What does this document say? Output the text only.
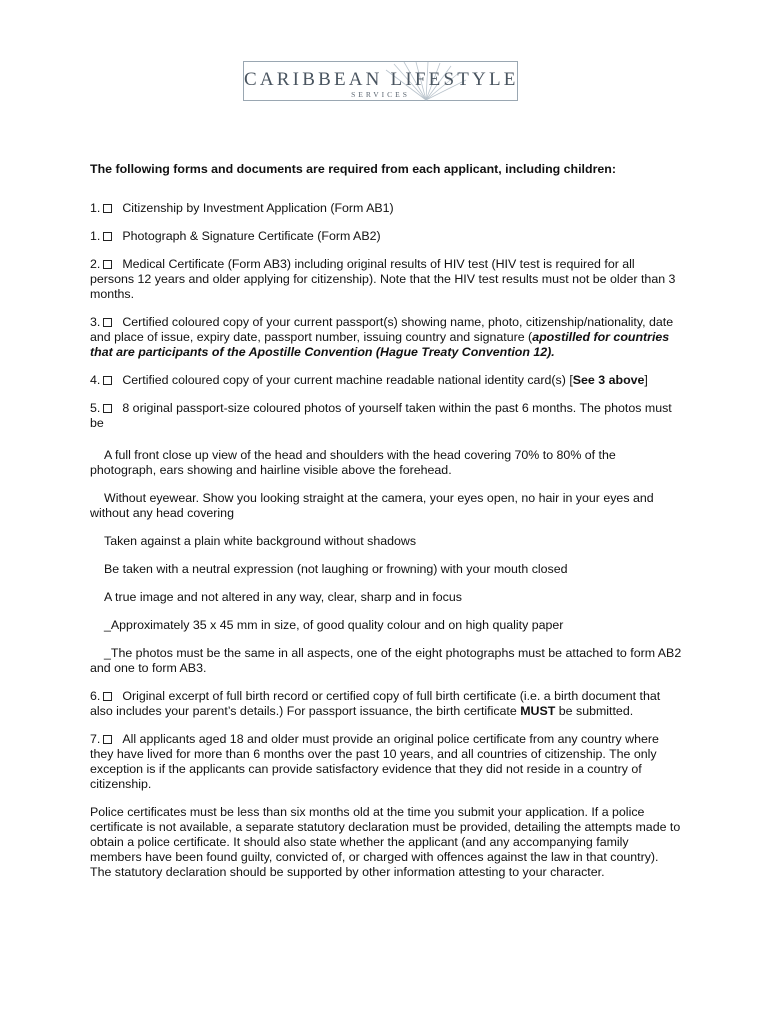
CARIBBEAN LIFESTYLE
SERVICES

The following forms and documents are required from each applicant, including children:

1. Citizenship by Investment Application (Form AB1)

1. Photograph & Signature Certificate (Form AB2)

2. Medical Certificate (Form AB3) including original results of HIV test (HIV test is required for all persons 12 years and older applying for citizenship). Note that the HIV test results must not be older than 3 months.

3. Certified coloured copy of your current passport(s) showing name, photo, citizenship/nationality, date and place of issue, expiry date, passport number, issuing country and signature (apostilled for countries that are participants of the Apostille Convention (Hague Treaty Convention 12).

4. Certified coloured copy of your current machine readable national identity card(s) [See 3 above]

5. 8 original passport-size coloured photos of yourself taken within the past 6 months. The photos must be

A full front close up view of the head and shoulders with the head covering 70% to 80% of the photograph, ears showing and hairline visible above the forehead.

Without eyewear. Show you looking straight at the camera, your eyes open, no hair in your eyes and without any head covering

Taken against a plain white background without shadows

Be taken with a neutral expression (not laughing or frowning) with your mouth closed

A true image and not altered in any way, clear, sharp and in focus

_Approximately 35 x 45 mm in size, of good quality colour and on high quality paper

_The photos must be the same in all aspects, one of the eight photographs must be attached to form AB2 and one to form AB3.

6. Original excerpt of full birth record or certified copy of full birth certificate (i.e. a birth document that also includes your parent’s details.) For passport issuance, the birth certificate MUST be submitted.

7. All applicants aged 18 and older must provide an original police certificate from any country where they have lived for more than 6 months over the past 10 years, and all countries of citizenship. The only exception is if the applicants can provide satisfactory evidence that they did not reside in a country of citizenship.

Police certificates must be less than six months old at the time you submit your application. If a police certificate is not available, a separate statutory declaration must be provided, detailing the attempts made to obtain a police certificate. It should also state whether the applicant (and any accompanying family members have been found guilty, convicted of, or charged with offences against the law in that country). The statutory declaration should be supported by other information attesting to your character.
